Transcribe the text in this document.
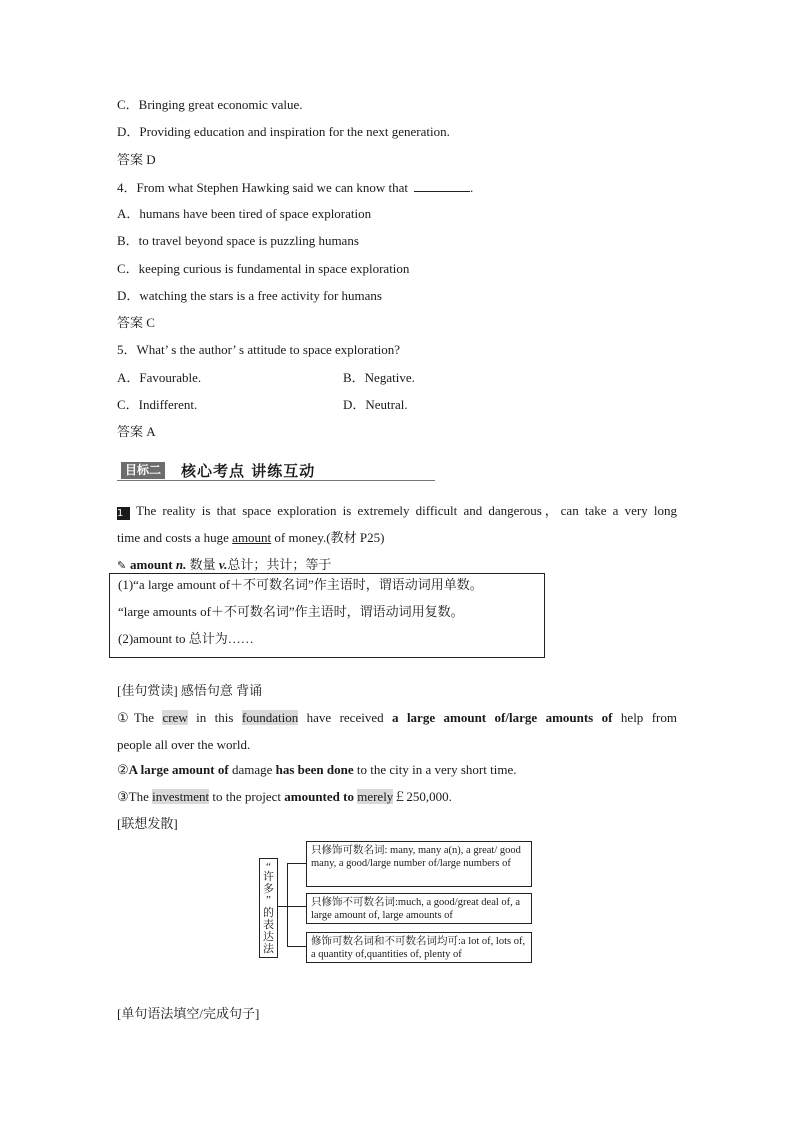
C．Bringing great economic value.
D．Providing education and inspiration for the next generation.
答案 D
4．From what Stephen Hawking said we can know that	.
A．humans have been tired of space exploration
B．to travel beyond space is puzzling humans
C．keeping curious is fundamental in space exploration
D．watching the stars is a free activity for humans
答案 C
5．What’ s the author’ s attitude to space exploration?
A．Favourable.	B．Negative.
C．Indifferent.	D．Neutral.
答案 A
目标二 核心考点 讲练互动
1 The reality is that space exploration is extremely difficult and dangerous，can take a very long
time and costs a huge amount of money.(教材 P25)
✎ amount n. 数量 v.总计；共计；等于
(1)“a large amount of＋不可数名词”作主语时，谓语动词用单数。
“large amounts of＋不可数名词”作主语时，谓语动词用复数。
(2)amount to 总计为……
[佳句赏读] 感悟句意 背诵
①The crew in this foundation have received a large amount of/large amounts of help from
people all over the world.
②A large amount of damage has been done to the city in a very short time.
③The investment to the project amounted to merely￡250,000.
[联想发散]
“
许
多
”
的
表
达
法
只修饰可数名词: many, many a(n), a great/ good many, a good/large number of/large numbers of
只修饰不可数名词:much, a good/great deal of, a large amount of, large amounts of
修饰可数名词和不可数名词均可:a lot of, lots of, a quantity of,quantities of, plenty of
[单句语法填空/完成句子]
